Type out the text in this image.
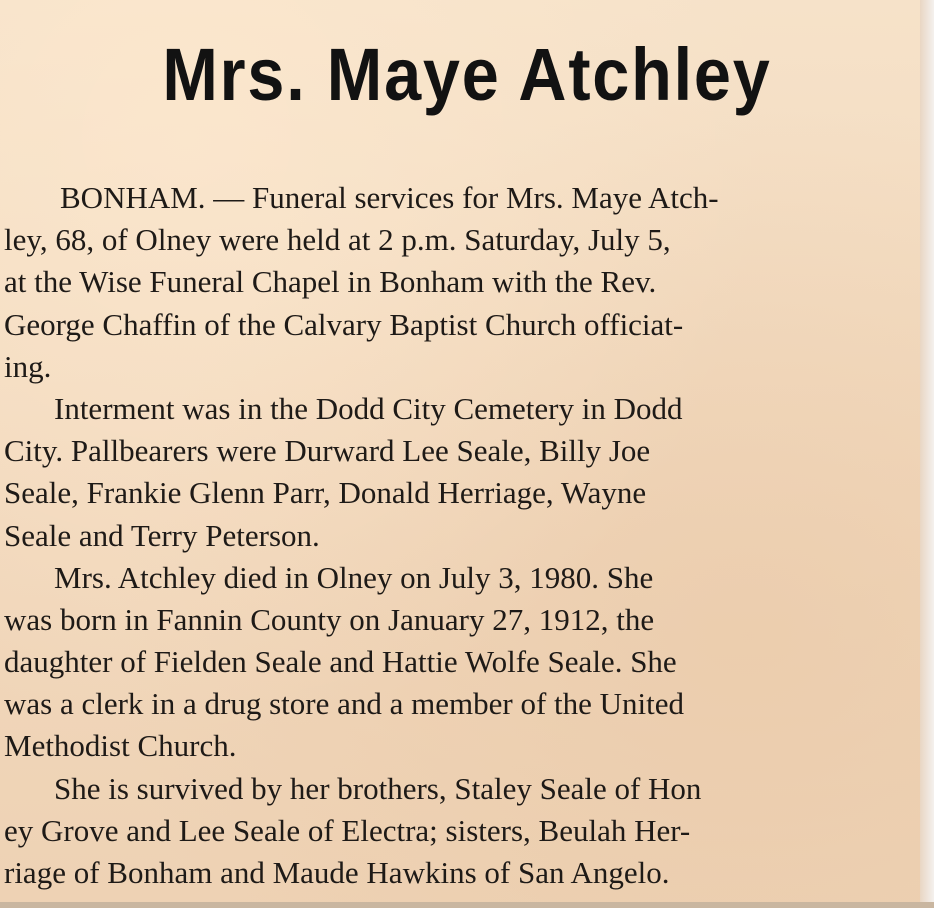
Mrs. Maye Atchley
BONHAM. — Funeral services for Mrs. Maye Atch-
ley, 68, of Olney were held at 2 p.m. Saturday, July 5,
at the Wise Funeral Chapel in Bonham with the Rev.
George Chaffin of the Calvary Baptist Church officiat-
ing.
Interment was in the Dodd City Cemetery in Dodd
City. Pallbearers were Durward Lee Seale, Billy Joe
Seale, Frankie Glenn Parr, Donald Herriage, Wayne
Seale and Terry Peterson.
Mrs. Atchley died in Olney on July 3, 1980. She
was born in Fannin County on January 27, 1912, the
daughter of Fielden Seale and Hattie Wolfe Seale. She
was a clerk in a drug store and a member of the United
Methodist Church.
She is survived by her brothers, Staley Seale of Hon
ey Grove and Lee Seale of Electra; sisters, Beulah Her-
riage of Bonham and Maude Hawkins of San Angelo.
